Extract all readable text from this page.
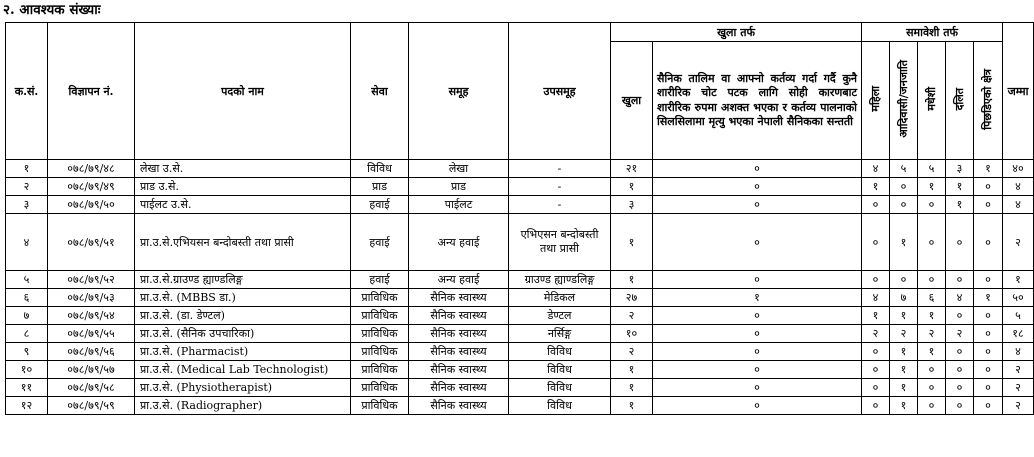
२. आवश्यक संख्याः
क.सं.	विज्ञापन नं.	पदको नाम	सेवा	समूह	उपसमूह	खुला तर्फ		समावेशी तर्फ					जम्मा
						खुला	सैनिक तालिम वा आफ्नो कर्तव्य गर्दा गर्दै कुनै शारीरिक चोट पटक लागि सोही कारणबाट शारीरिक रुपमा अशक्त भएका र कर्तव्य पालनाको सिलसिलामा मृत्यु भएका नेपाली सैनिकका सन्तती	महिला	आदिवासी/जनजाति	मधेशी	दलित	पिछडिएको क्षेत्र	
१	०७८/७९/४८	लेखा उ.से.	विविध	लेखा	-	२१	०	४	५	५	३	१	४०
२	०७८/७९/४९	प्राड उ.से.	प्राड	प्राड	-	१	०	१	०	१	१	०	४
३	०७८/७९/५०	पाईलट उ.से.	हवाई	पाईलट	-	३	०	०	०	०	१	०	४
४	०७८/७९/५१	प्रा.उ.से.एभियसन बन्दोबस्ती तथा प्रासी	हवाई	अन्य हवाई	एभिएसन बन्दोबस्ती तथा प्रासी	१	०	०	१	०	०	०	२
५	०७८/७९/५२	प्रा.उ.से.ग्राउण्ड ह्याण्डलिङ्ग	हवाई	अन्य हवाई	ग्राउण्ड ह्याण्डलिङ्ग	१	०	०	०	०	०	०	१
६	०७८/७९/५३	प्रा.उ.से. (MBBS डा.)	प्राविधिक	सैनिक स्वास्थ्य	मेडिकल	२७	१	४	७	६	४	१	५०
७	०७८/७९/५४	प्रा.उ.से. (डा. डेण्टल)	प्राविधिक	सैनिक स्वास्थ्य	डेण्टल	२	०	१	१	१	०	०	५
८	०७८/७९/५५	प्रा.उ.से. (सैनिक उपचारिका)	प्राविधिक	सैनिक स्वास्थ्य	नर्सिङ्ग	१०	०	२	२	२	२	०	१८
९	०७८/७९/५६	प्रा.उ.से. (Pharmacist)	प्राविधिक	सैनिक स्वास्थ्य	विविध	२	०	०	१	१	०	०	४
१०	०७८/७९/५७	प्रा.उ.से. (Medical Lab Technologist)	प्राविधिक	सैनिक स्वास्थ्य	विविध	१	०	०	१	०	०	०	२
११	०७८/७९/५८	प्रा.उ.से. (Physiotherapist)	प्राविधिक	सैनिक स्वास्थ्य	विविध	१	०	०	१	०	०	०	२
१२	०७८/७९/५९	प्रा.उ.से. (Radiographer)	प्राविधिक	सैनिक स्वास्थ्य	विविध	१	०	०	१	०	०	०	२
